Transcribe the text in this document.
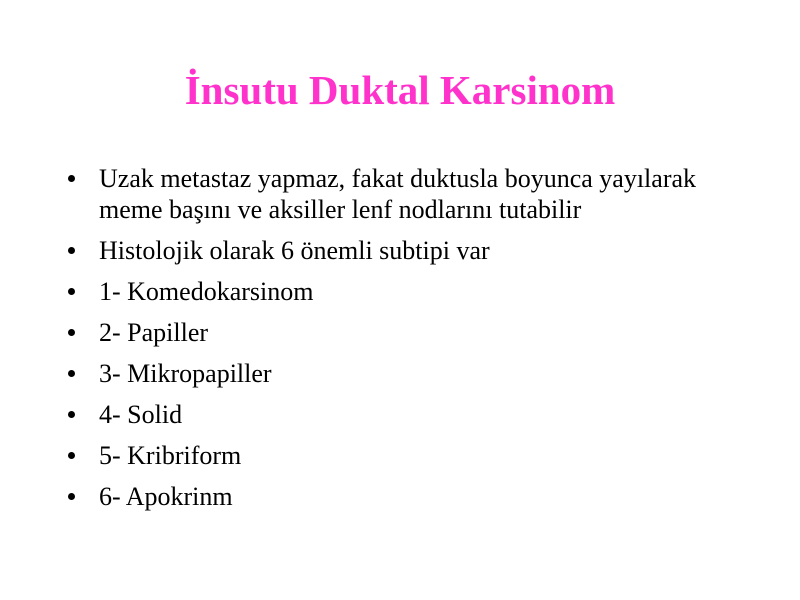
İnsutu Duktal Karsinom
Uzak metastaz yapmaz, fakat duktusla boyunca yayılarak meme başını ve aksiller lenf nodlarını tutabilir
Histolojik olarak 6 önemli subtipi var
1- Komedokarsinom
2- Papiller
3- Mikropapiller
4- Solid
5- Kribriform
6- Apokrinm
